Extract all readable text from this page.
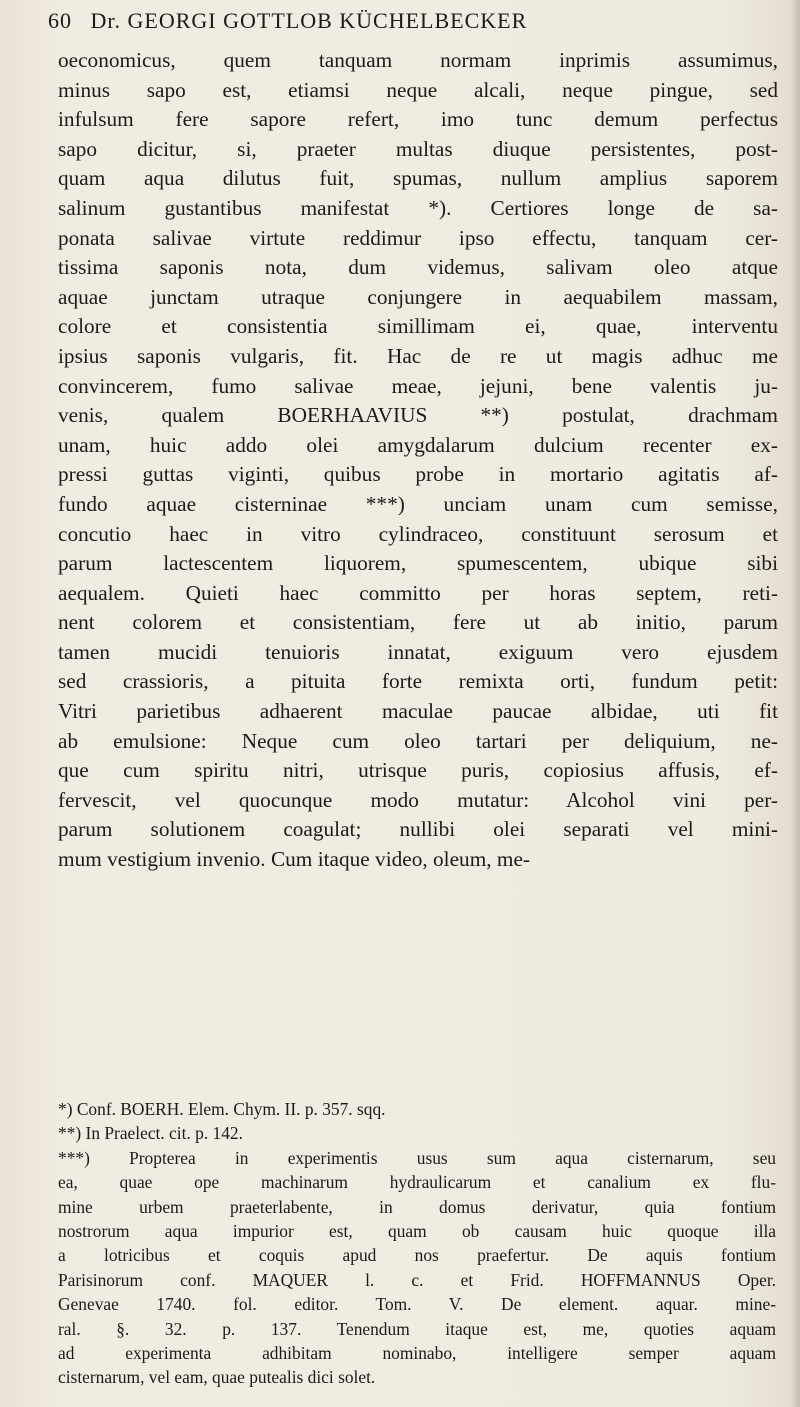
60 Dr. GEORGI GOTTLOB KÜCHELBECKER
oeconomicus, quem tanquam normam inprimis assumimus,
minus sapo est, etiamsi neque alcali, neque pingue, sed
infulsum fere sapore refert, imo tunc demum perfectus
sapo dicitur, si, praeter multas diuque persistentes, post-
quam aqua dilutus fuit, spumas, nullum amplius saporem
salinum gustantibus manifestat *). Certiores longe de sa-
ponata salivae virtute reddimur ipso effectu, tanquam cer-
tissima saponis nota, dum videmus, salivam oleo atque
aquae junctam utraque conjungere in aequabilem massam,
colore et consistentia simillimam ei, quae, interventu
ipsius saponis vulgaris, fit. Hac de re ut magis adhuc me
convincerem, fumo salivae meae, jejuni, bene valentis ju-
venis, qualem BOERHAAVIUS **) postulat, drachmam
unam, huic addo olei amygdalarum dulcium recenter ex-
pressi guttas viginti, quibus probe in mortario agitatis af-
fundo aquae cisterninae ***) unciam unam cum semisse,
concutio haec in vitro cylindraceo, constituunt serosum et
parum lactescentem liquorem, spumescentem, ubique sibi
aequalem. Quieti haec committo per horas septem, reti-
nent colorem et consistentiam, fere ut ab initio, parum
tamen mucidi tenuioris innatat, exiguum vero ejusdem
sed crassioris, a pituita forte remixta orti, fundum petit:
Vitri parietibus adhaerent maculae paucae albidae, uti fit
ab emulsione: Neque cum oleo tartari per deliquium, ne-
que cum spiritu nitri, utrisque puris, copiosius affusis, ef-
fervescit, vel quocunque modo mutatur: Alcohol vini per-
parum solutionem coagulat; nullibi olei separati vel mini-
mum vestigium invenio. Cum itaque video, oleum, me-
*) Conf. BOERH. Elem. Chym. II. p. 357. sqq.
**) In Praelect. cit. p. 142.
***) Propterea in experimentis usus sum aqua cisternarum, seu
ea, quae ope machinarum hydraulicarum et canalium ex flu-
mine urbem praeterlabente, in domus derivatur, quia fontium
nostrorum aqua impurior est, quam ob causam huic quoque illa
a lotricibus et coquis apud nos praefertur. De aquis fontium
Parisinorum conf. MAQUER l. c. et Frid. HOFFMANNUS Oper.
Genevae 1740. fol. editor. Tom. V. De element. aquar. mine-
ral. §. 32. p. 137. Tenendum itaque est, me, quoties aquam
ad experimenta adhibitam nominabo, intelligere semper aquam
cisternarum, vel eam, quae putealis dici solet.
